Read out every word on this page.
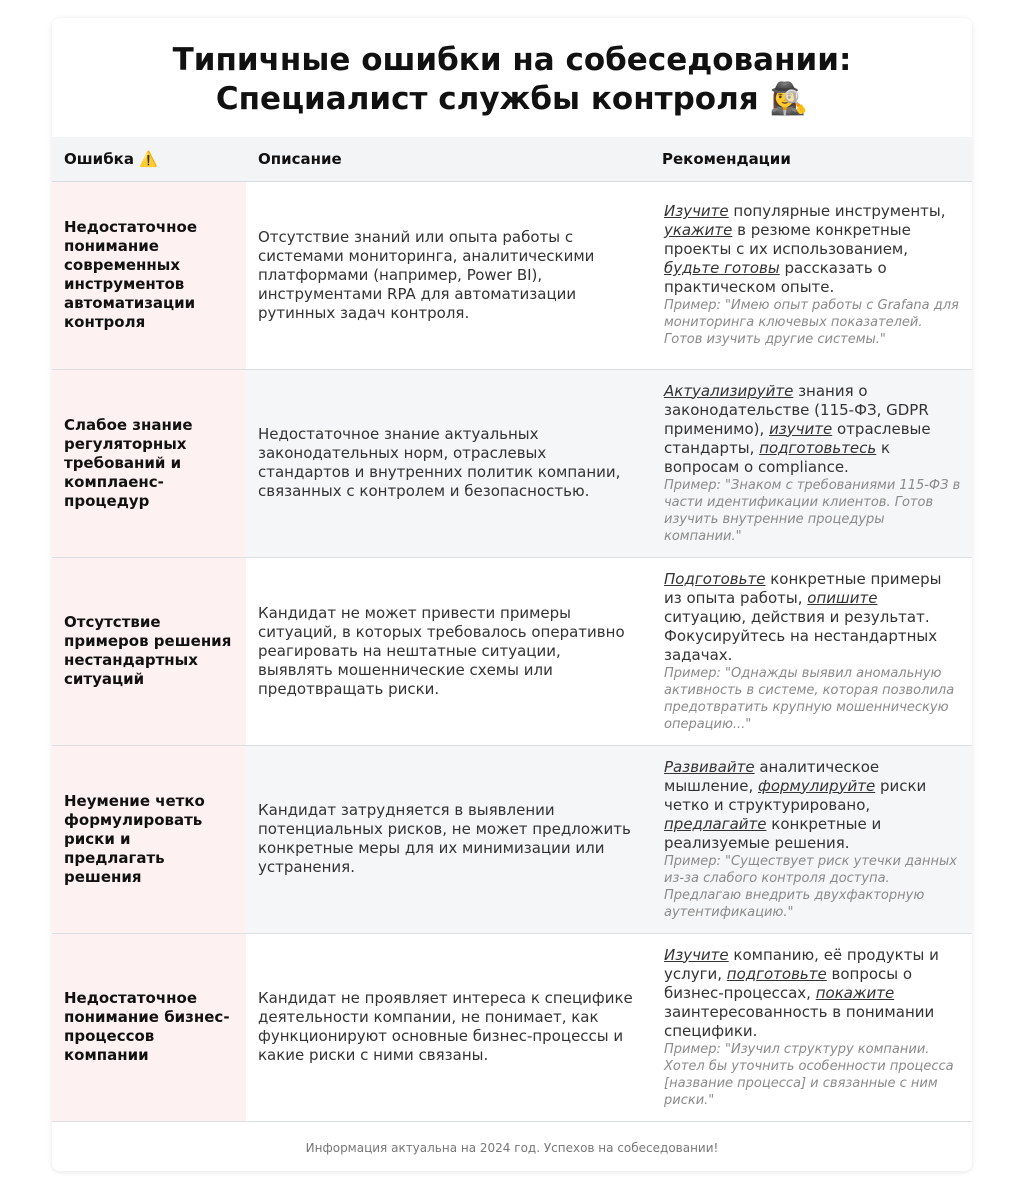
Типичные ошибки на собеседовании:
Специалист службы контроля 🕵️‍♀️
Ошибка ⚠️	Описание	Рекомендации
Недостаточное понимание современных инструментов автоматизации контроля	Отсутствие знаний или опыта работы с системами мониторинга, аналитическими платформами (например, Power BI), инструментами RPA для автоматизации рутинных задач контроля.	Изучите популярные инструменты, укажите в резюме конкретные проекты с их использованием, будьте готовы рассказать о практическом опыте.
Пример: "Имею опыт работы с Grafana для мониторинга ключевых показателей. Готов изучить другие системы."

Слабое знание регуляторных требований и комплаенс-процедур	Недостаточное знание актуальных законодательных норм, отраслевых стандартов и внутренних политик компании, связанных с контролем и безопасностью.	Актуализируйте знания о законодательстве (115-ФЗ, GDPR применимо), изучите отраслевые стандарты, подготовьтесь к вопросам о compliance.
Пример: "Знаком с требованиями 115-ФЗ в части идентификации клиентов. Готов изучить внутренние процедуры компании."

Отсутствие примеров решения нестандартных ситуаций	Кандидат не может привести примеры ситуаций, в которых требовалось оперативно реагировать на нештатные ситуации, выявлять мошеннические схемы или предотвращать риски.	Подготовьте конкретные примеры из опыта работы, опишите ситуацию, действия и результат. Фокусируйтесь на нестандартных задачах.
Пример: "Однажды выявил аномальную активность в системе, которая позволила предотвратить крупную мошенническую операцию..."

Неумение четко формулировать риски и предлагать решения	Кандидат затрудняется в выявлении потенциальных рисков, не может предложить конкретные меры для их минимизации или устранения.	Развивайте аналитическое мышление, формулируйте риски четко и структурировано, предлагайте конкретные и реализуемые решения.
Пример: "Существует риск утечки данных из-за слабого контроля доступа. Предлагаю внедрить двухфакторную аутентификацию."

Недостаточное понимание бизнес-процессов компании	Кандидат не проявляет интереса к специфике деятельности компании, не понимает, как функционируют основные бизнес-процессы и какие риски с ними связаны.	Изучите компанию, её продукты и услуги, подготовьте вопросы о бизнес-процессах, покажите заинтересованность в понимании специфики.
Пример: "Изучил структуру компании. Хотел бы уточнить особенности процесса [название процесса] и связанные с ним риски."
Информация актуальна на 2024 год. Успехов на собеседовании!
